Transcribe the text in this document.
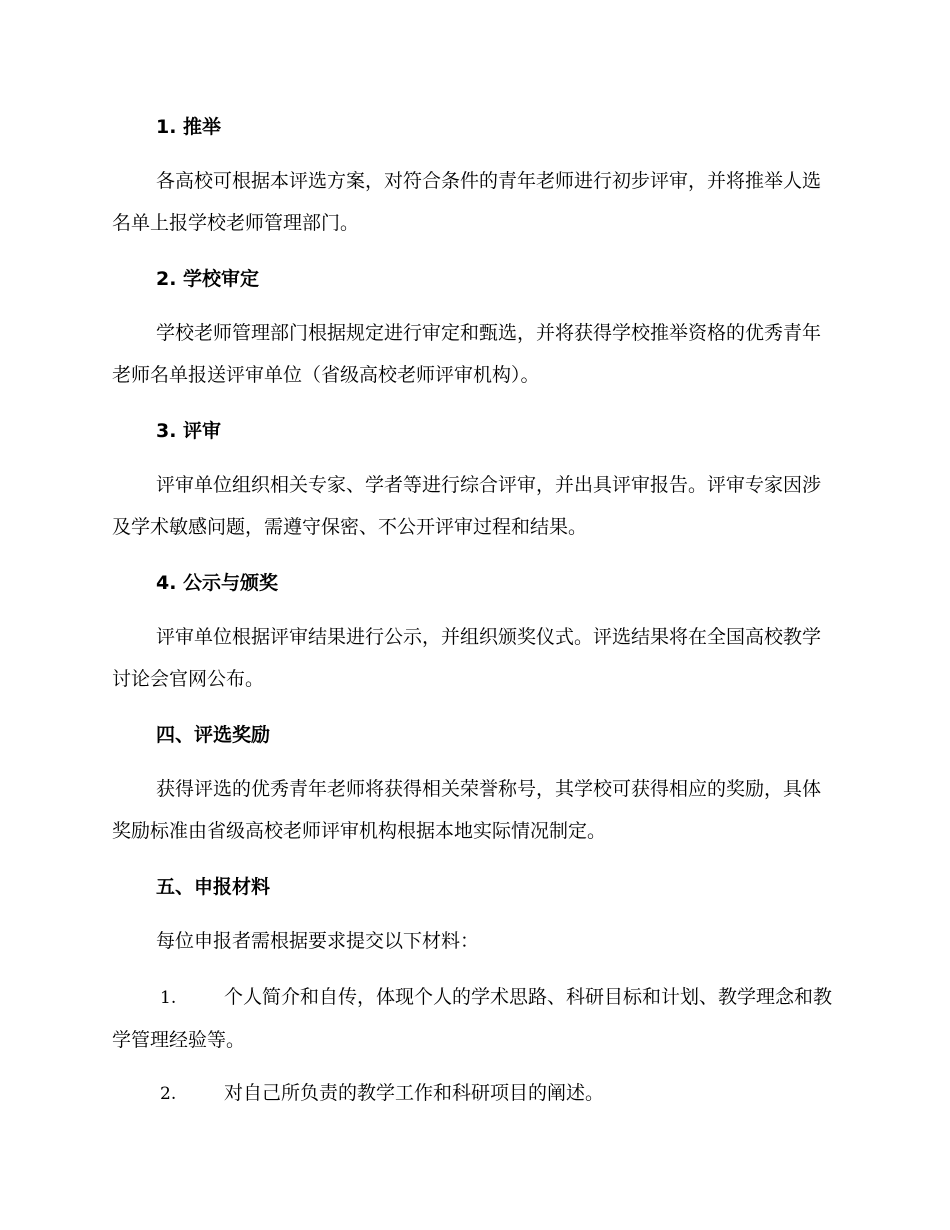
1. 推举
各高校可根据本评选方案，对符合条件的青年老师进行初步评审，并将推举人选名单上报学校老师管理部门。
2. 学校审定
学校老师管理部门根据规定进行审定和甄选，并将获得学校推举资格的优秀青年老师名单报送评审单位（省级高校老师评审机构）。
3. 评审
评审单位组织相关专家、学者等进行综合评审，并出具评审报告。评审专家因涉及学术敏感问题，需遵守保密、不公开评审过程和结果。
4. 公示与颁奖
评审单位根据评审结果进行公示，并组织颁奖仪式。评选结果将在全国高校教学讨论会官网公布。
四、评选奖励
获得评选的优秀青年老师将获得相关荣誉称号，其学校可获得相应的奖励，具体奖励标准由省级高校老师评审机构根据本地实际情况制定。
五、申报材料
每位申报者需根据要求提交以下材料：
1.	个人简介和自传，体现个人的学术思路、科研目标和计划、教学理念和教学管理经验等。
2.	对自己所负责的教学工作和科研项目的阐述。
